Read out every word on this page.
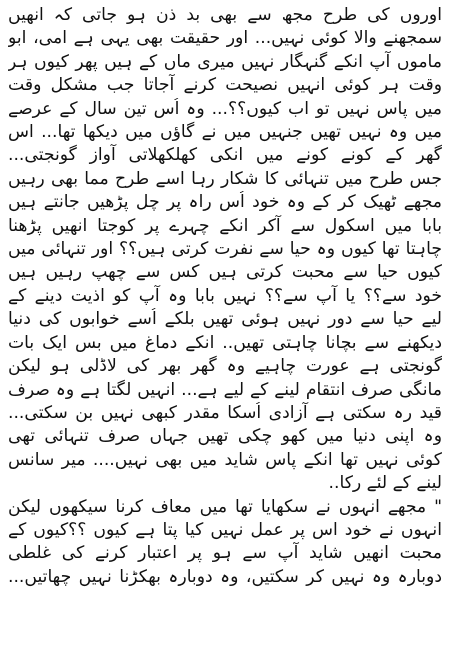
اوروں کی طرح مجھ سے بھی بد ذن ہو جاتی کہ انھیں
سمجھنے والا کوئی نہیں... اور حقیقت بھی یہی ہے امی، ابو
ماموں آپ انکے گنہگار نہیں میری ماں کے ہیں پھر کیوں ہر
وقت ہر کوئی انہیں نصیحت کرنے آجاتا جب مشکل وقت
میں پاس نہیں تو اب کیوں؟؟... وہ اُس تین سال کے عرصے
میں وہ نہیں تھیں جنہیں میں نے گاؤں میں دیکھا تھا... اس
گھر کے کونے کونے میں انکی کھلکھلاتی آواز گونجتی...
جس طرح میں تنہائی کا شکار رہا اسے طرح مما بھی رہیں
مجھے ٹھیک کر کے وہ خود اُس راہ پر چل پڑھیں جانتے ہیں
بابا میں اسکول سے آکر انکے چہرے پر کوجتا انھیں پڑھنا
چاہتا تھا کیوں وہ حیا سے نفرت کرتی ہیں؟؟ اور تنہائی میں
کیوں حیا سے محبت کرتی ہیں کس سے چھپ رہیں ہیں
خود سے؟؟ یا آپ سے؟؟ نہیں بابا وہ آپ کو اذیت دینے کے
لیے حیا سے دور نہیں ہوئی تھیں بلکے اُسے خوابوں کی دنیا
دیکھنے سے بچانا چاہتی تھیں.. انکے دماغ میں بس ایک بات
گونجتی ہے عورت چاہیے وہ گھر بھر کی لاڈلی ہو لیکن
مانگی صرف انتقام لینے کے لیے ہے... انہیں لگتا ہے وہ صرف
قید رہ سکتی ہے آزادی اُسکا مقدر کبھی نہیں بن سکتی...
وہ اپنی دنیا میں کھو چکی تھیں جہاں صرف تنہائی تھی
کوئی نہیں تھا انکے پاس شاید میں بھی نہیں.... میر سانس
لینے کے لئے رکا..
" مجھے انہوں نے سکھایا تھا میں معاف کرنا سیکھوں لیکن
انہوں نے خود اس پر عمل نہیں کیا پتا ہے کیوں ؟؟کیوں کے
محبت انھیں شاید آپ سے ہو پر اعتبار کرنے کی غلطی
دوبارہ وہ نہیں کر سکتیں، وہ دوبارہ بھکڑنا نہیں چھاتیں...
